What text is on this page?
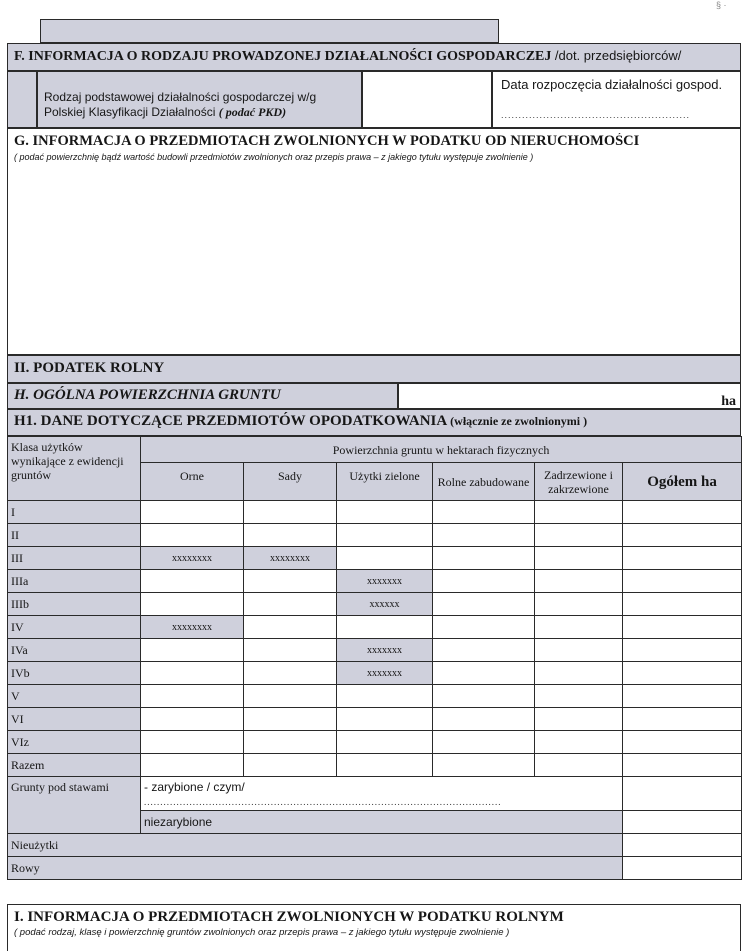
§ ·
F. INFORMACJA O RODZAJU PROWADZONEJ DZIAŁALNOŚCI GOSPODARCZEJ /dot. przedsiębiorców/
Rodzaj podstawowej działalności gospodarczej w/g
Polskiej Klasyfikacji Działalności ( podać PKD)
Data rozpoczęcia działalności gospod.
......................................................
G. INFORMACJA O PRZEDMIOTACH ZWOLNIONYCH W PODATKU OD NIERUCHOMOŚCI
( podać powierzchnię bądź wartość budowli przedmiotów zwolnionych oraz przepis prawa – z jakiego tytułu występuje zwolnienie )
II. PODATEK ROLNY
H. OGÓLNA POWIERZCHNIA GRUNTU	ha
H1. DANE DOTYCZĄCE PRZEDMIOTÓW OPODATKOWANIA (włącznie ze zwolnionymi )
Klasa użytków wynikające z ewidencji gruntów	Powierzchnia gruntu w hektarach fizycznych					
	Orne	Sady	Użytki zielone	Rolne zabudowane	Zadrzewione i zakrzewione	Ogółem ha
I						
II						
III	xxxxxxxx	xxxxxxxx				
IIIa			xxxxxxx			
IIIb			xxxxxx			
IV	xxxxxxxx					
IVa			xxxxxxx			
IVb			xxxxxxx			
V						
VI						
VIz						
Razem						
Grunty pod stawami	- zarybione / czym/
..............................................................................................................					

	niezarybione					
Nieużytki						
Rowy						
I. INFORMACJA O PRZEDMIOTACH ZWOLNIONYCH W PODATKU ROLNYM
( podać rodzaj, klasę i powierzchnię gruntów zwolnionych oraz przepis prawa – z jakiego tytułu występuje zwolnienie )
